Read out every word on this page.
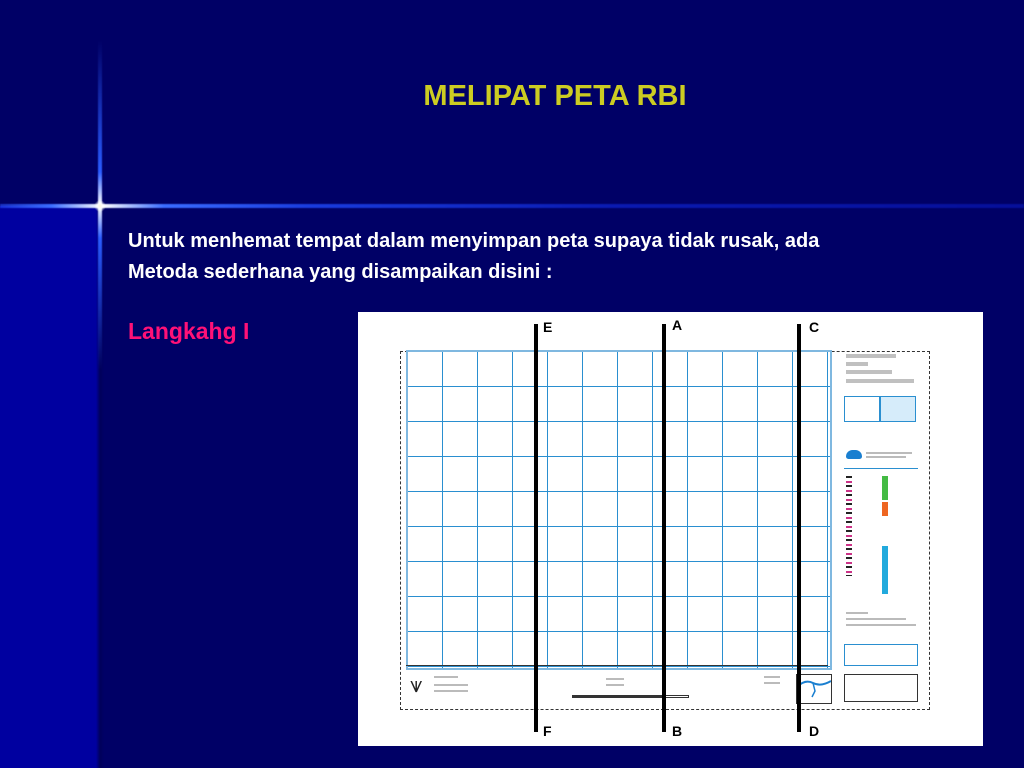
MELIPAT PETA RBI
Untuk menhemat tempat dalam menyimpan peta supaya tidak rusak, ada
Metoda sederhana yang disampaikan disini :
Langkahg I
⩛
E
F
A
B
C
D
